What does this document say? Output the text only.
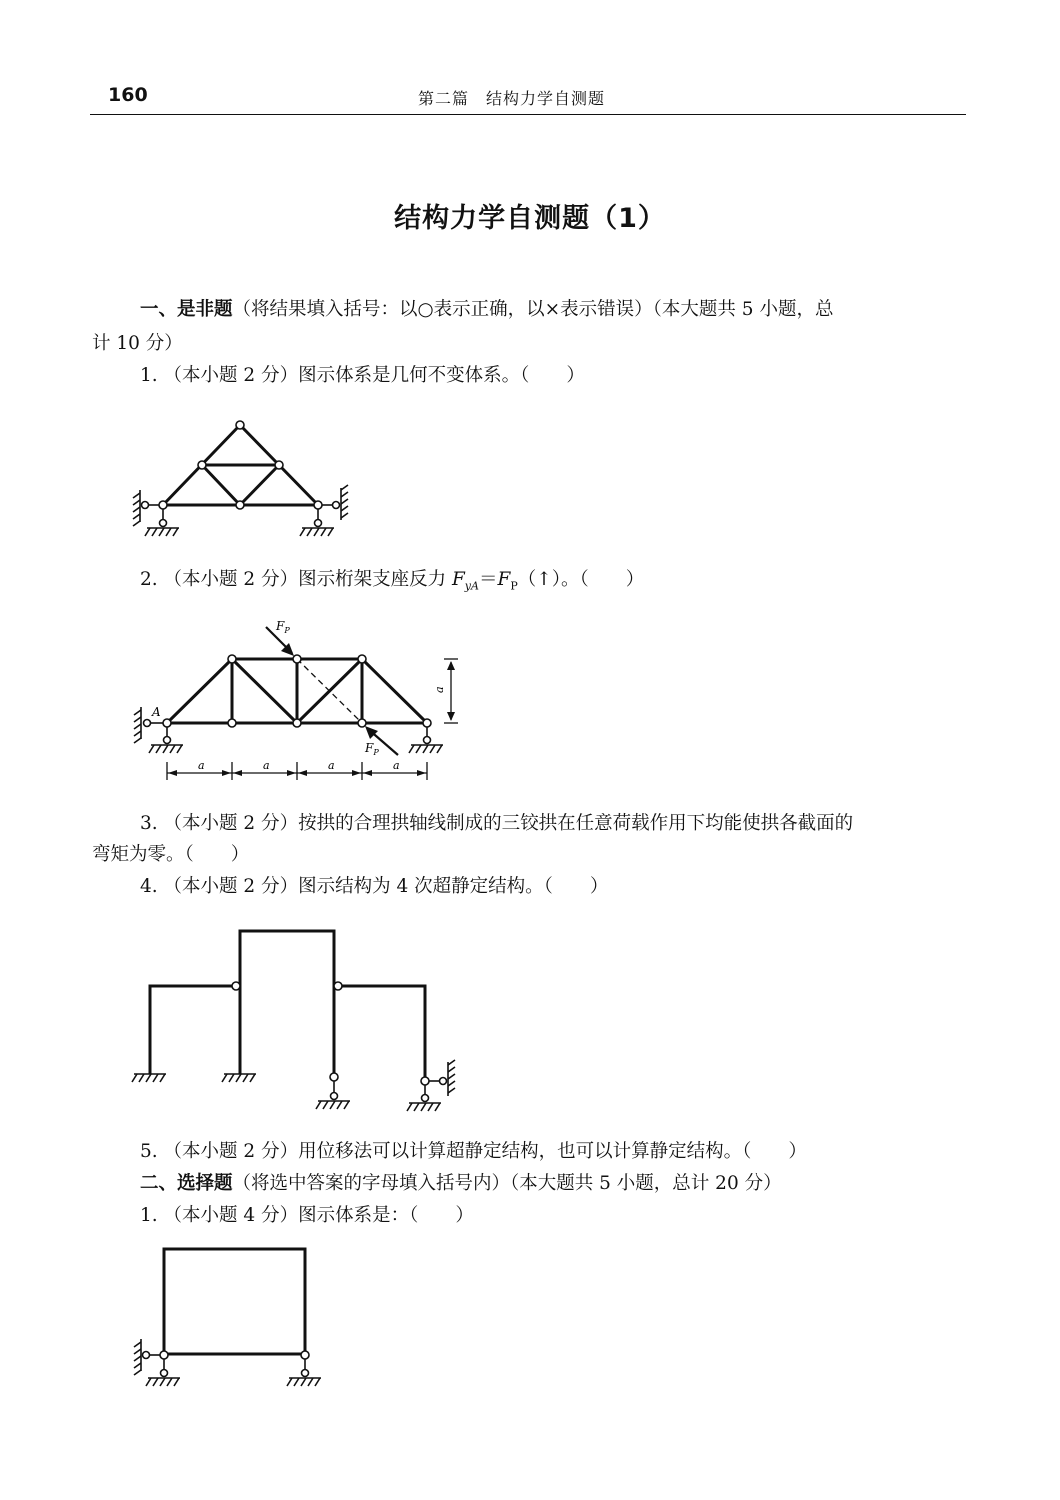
160	第二篇　结构力学自测题
结构力学自测题（1）
一、是非题（将结果填入括号：以○表示正确，以×表示错误）（本大题共 5 小题，总
计 10 分）
1. （本小题 2 分）图示体系是几何不变体系。（　　）
2. （本小题 2 分）图示桁架支座反力 $F_{yA}=F_P(↑)$。（　　）
$F_P$
$F_P$
A
a
a	a	a	a
3. （本小题 2 分）按拱的合理拱轴线制成的三铰拱在任意荷载作用下均能使拱各截面的
弯矩为零。（　　）
4. （本小题 2 分）图示结构为 4 次超静定结构。（　　）
5. （本小题 2 分）用位移法可以计算超静定结构，也可以计算静定结构。（　　）
二、选择题（将选中答案的字母填入括号内）（本大题共 5 小题，总计 20 分）
1. （本小题 4 分）图示体系是：（　　）
